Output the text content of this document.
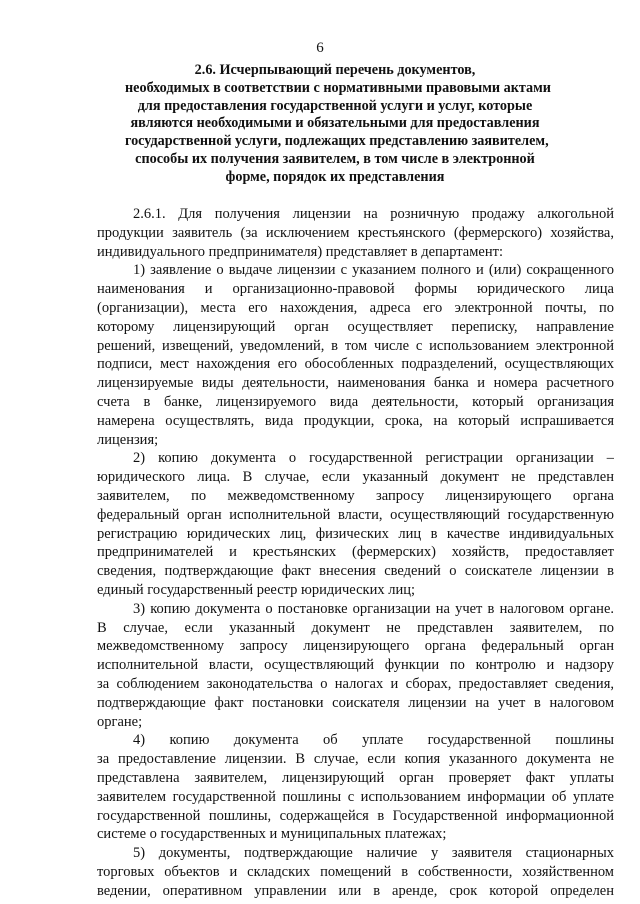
6
2.6. Исчерпывающий перечень документов,
необходимых в соответствии с нормативными правовыми актами
для предоставления государственной услуги и услуг, которые
являются необходимыми и обязательными для предоставления
государственной услуги, подлежащих представлению заявителем,
способы их получения заявителем, в том числе в электронной
форме, порядок их представления
2.6.1. Для получения лицензии на розничную продажу алкогольной
продукции заявитель (за исключением крестьянского (фермерского) хозяйства,
индивидуального предпринимателя) представляет в департамент:
1) заявление о выдаче лицензии с указанием полного и (или) сокращенного
наименования и организационно-правовой формы юридического лица
(организации), места его нахождения, адреса его электронной почты, по
которому лицензирующий орган осуществляет переписку, направление
решений, извещений, уведомлений, в том числе с использованием электронной
подписи, мест нахождения его обособленных подразделений, осуществляющих
лицензируемые виды деятельности, наименования банка и номера расчетного
счета в банке, лицензируемого вида деятельности, который организация
намерена осуществлять, вида продукции, срока, на который испрашивается
лицензия;
2) копию документа о государственной регистрации организации –
юридического лица. В случае, если указанный документ не представлен
заявителем, по межведомственному запросу лицензирующего органа
федеральный орган исполнительной власти, осуществляющий государственную
регистрацию юридических лиц, физических лиц в качестве индивидуальных
предпринимателей и крестьянских (фермерских) хозяйств, предоставляет
сведения, подтверждающие факт внесения сведений о соискателе лицензии в
единый государственный реестр юридических лиц;
3) копию документа о постановке организации на учет в налоговом органе.
В случае, если указанный документ не представлен заявителем, по
межведомственному запросу лицензирующего органа федеральный орган
исполнительной власти, осуществляющий функции по контролю и надзору
за соблюдением законодательства о налогах и сборах, предоставляет сведения,
подтверждающие факт постановки соискателя лицензии на учет в налоговом
органе;
4) копию документа об уплате государственной пошлины
за предоставление лицензии. В случае, если копия указанного документа не
представлена заявителем, лицензирующий орган проверяет факт уплаты
заявителем государственной пошлины с использованием информации об уплате
государственной пошлины, содержащейся в Государственной информационной
системе о государственных и муниципальных платежах;
5) документы, подтверждающие наличие у заявителя стационарных
торговых объектов и складских помещений в собственности, хозяйственном
ведении, оперативном управлении или в аренде, срок которой определен
